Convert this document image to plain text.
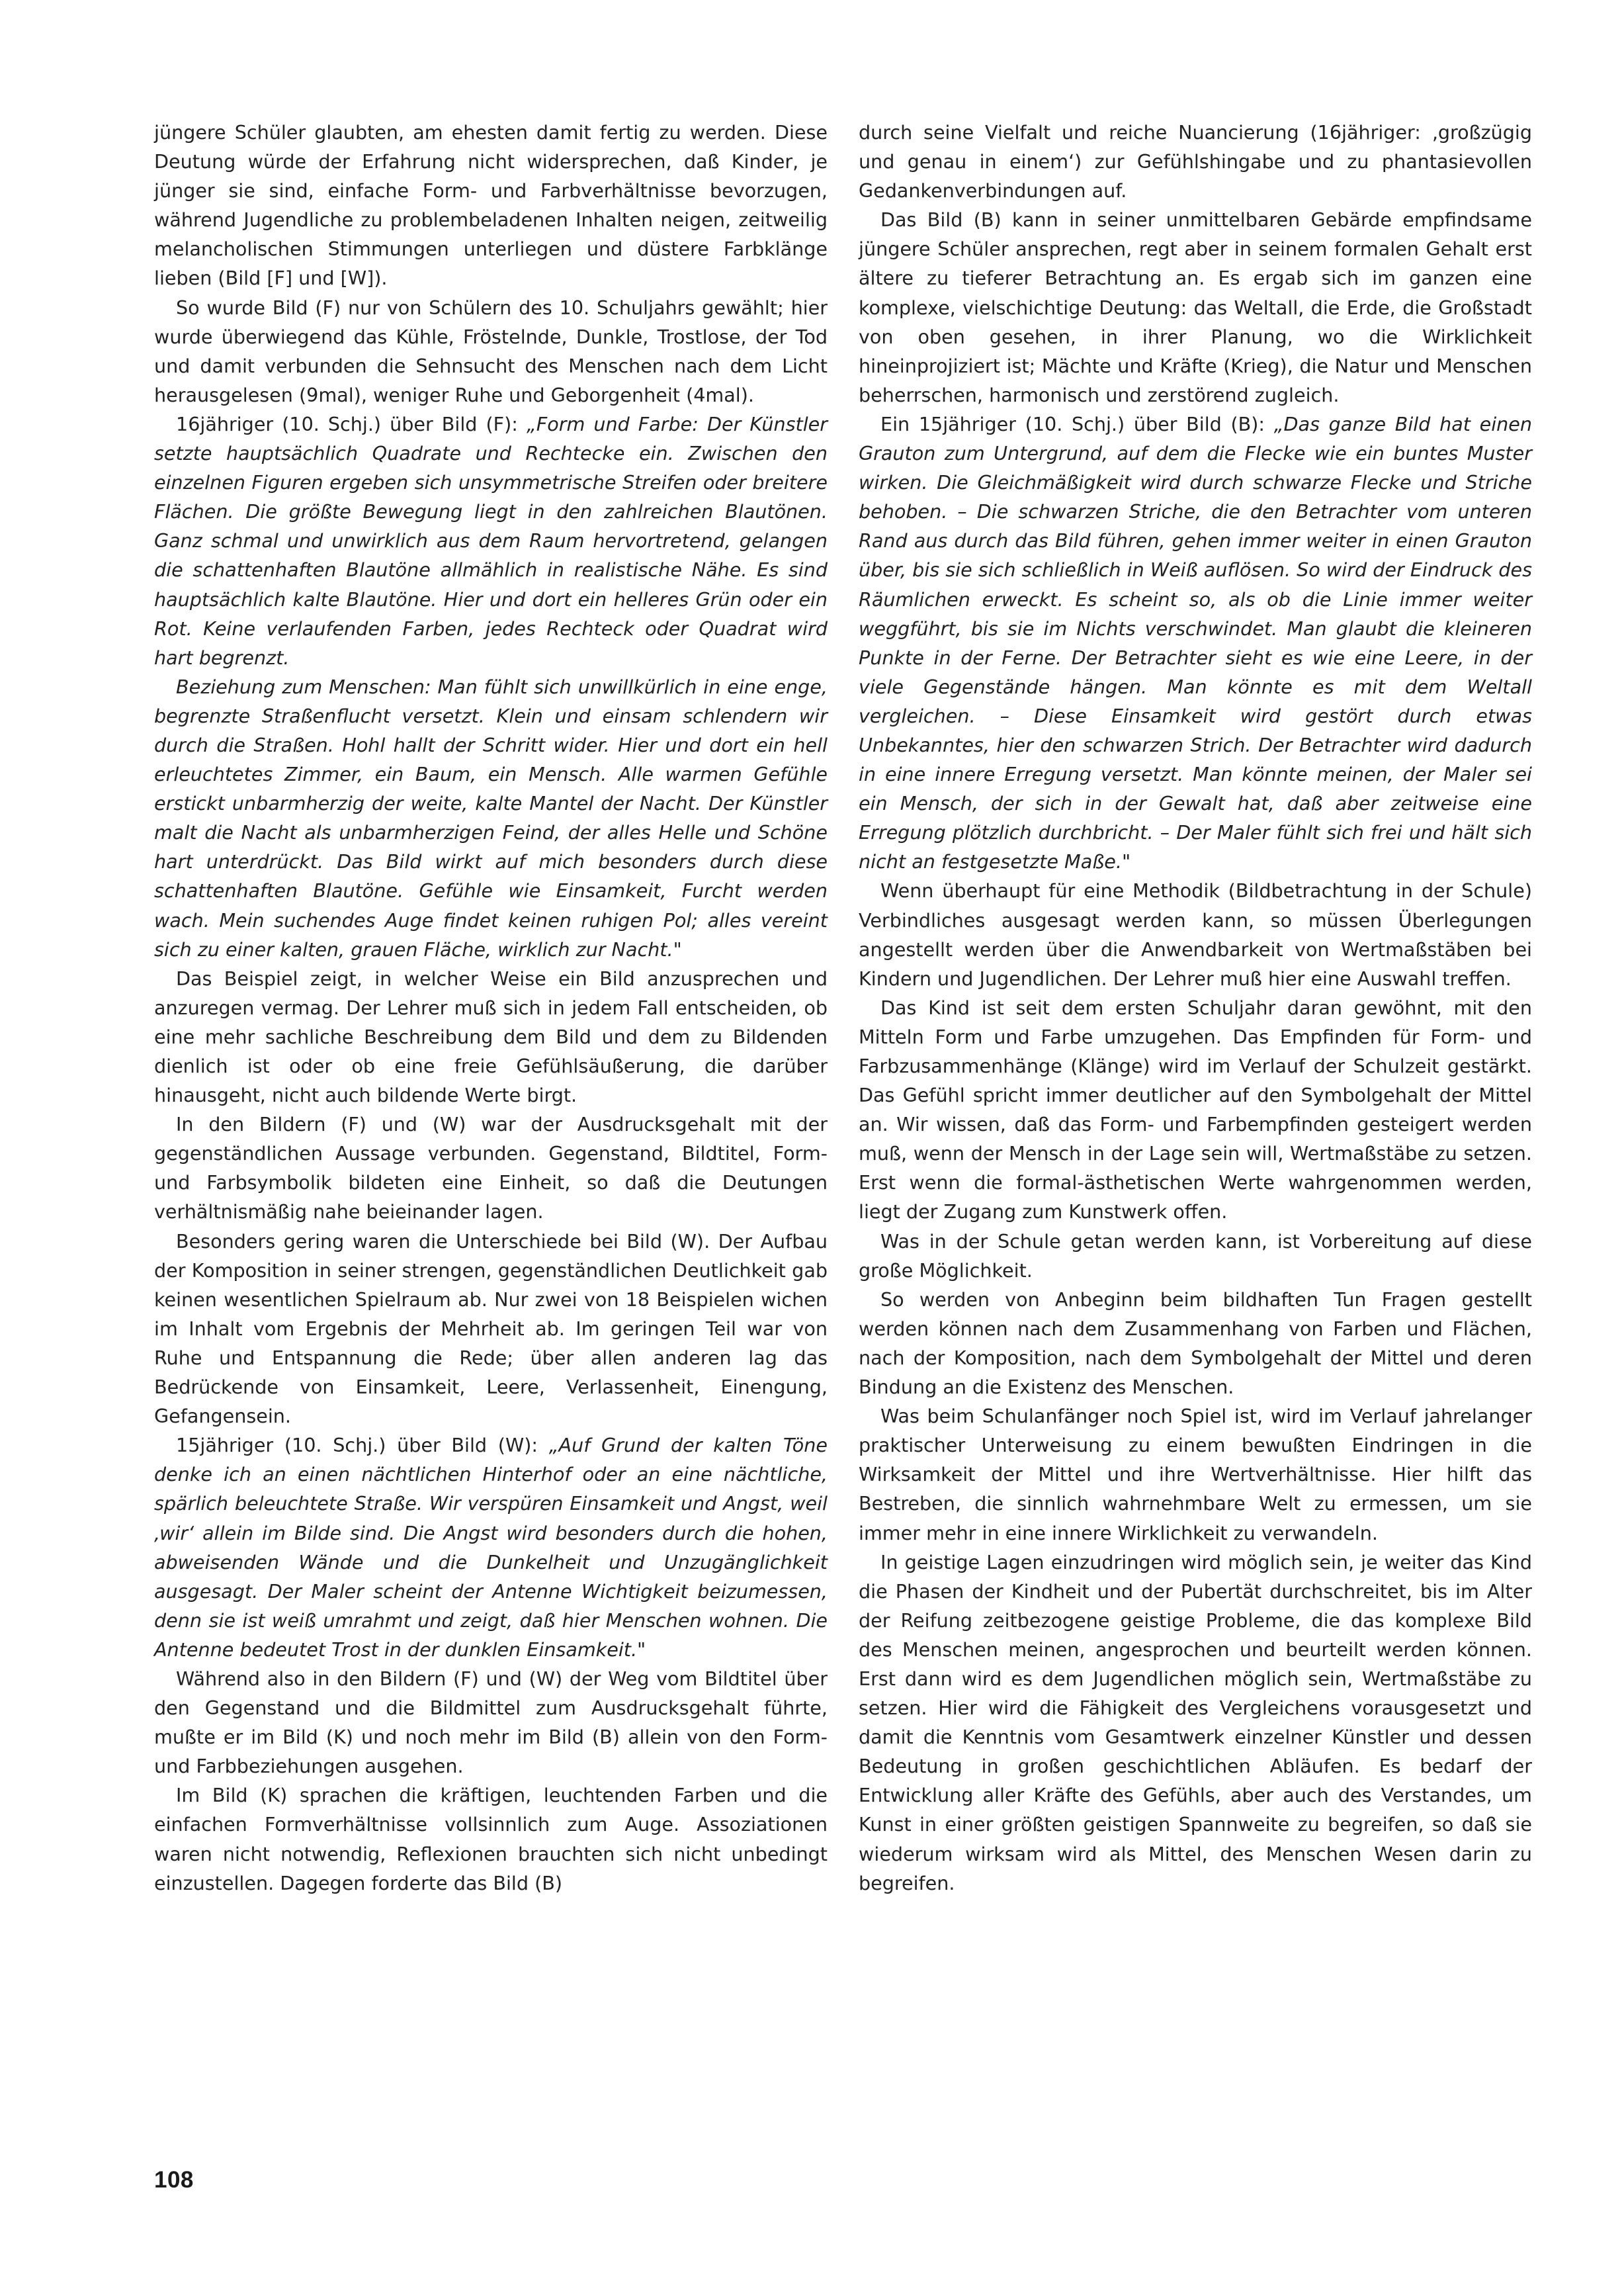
jüngere Schüler glaubten, am ehesten damit fertig zu werden. Diese Deutung würde der Erfahrung nicht widersprechen, daß Kinder, je jünger sie sind, einfache Form- und Farbverhältnisse bevorzugen, während Jugendliche zu problembeladenen Inhalten neigen, zeitweilig melancholischen Stimmungen unterliegen und düstere Farbklänge lieben (Bild [F] und [W]).

So wurde Bild (F) nur von Schülern des 10. Schuljahrs gewählt; hier wurde überwiegend das Kühle, Fröstelnde, Dunkle, Trostlose, der Tod und damit verbunden die Sehnsucht des Menschen nach dem Licht herausgelesen (9mal), weniger Ruhe und Geborgenheit (4mal).

16jähriger (10. Schj.) über Bild (F): „Form und Farbe: Der Künstler setzte hauptsächlich Quadrate und Rechtecke ein. Zwischen den einzelnen Figuren ergeben sich unsymmetrische Streifen oder breitere Flächen. Die größte Bewegung liegt in den zahlreichen Blautönen. Ganz schmal und unwirklich aus dem Raum hervortretend, gelangen die schattenhaften Blautöne allmählich in realistische Nähe. Es sind hauptsächlich kalte Blautöne. Hier und dort ein helleres Grün oder ein Rot. Keine verlaufenden Farben, jedes Rechteck oder Quadrat wird hart begrenzt.

Beziehung zum Menschen: Man fühlt sich unwillkürlich in eine enge, begrenzte Straßenflucht versetzt. Klein und einsam schlendern wir durch die Straßen. Hohl hallt der Schritt wider. Hier und dort ein hell erleuchtetes Zimmer, ein Baum, ein Mensch. Alle warmen Gefühle erstickt unbarmherzig der weite, kalte Mantel der Nacht. Der Künstler malt die Nacht als unbarmherzigen Feind, der alles Helle und Schöne hart unterdrückt. Das Bild wirkt auf mich besonders durch diese schattenhaften Blautöne. Gefühle wie Einsamkeit, Furcht werden wach. Mein suchendes Auge findet keinen ruhigen Pol; alles vereint sich zu einer kalten, grauen Fläche, wirklich zur Nacht."

Das Beispiel zeigt, in welcher Weise ein Bild anzusprechen und anzuregen vermag. Der Lehrer muß sich in jedem Fall entscheiden, ob eine mehr sachliche Beschreibung dem Bild und dem zu Bildenden dienlich ist oder ob eine freie Gefühlsäußerung, die darüber hinausgeht, nicht auch bildende Werte birgt.

In den Bildern (F) und (W) war der Ausdrucksgehalt mit der gegenständlichen Aussage verbunden. Gegenstand, Bildtitel, Form- und Farbsymbolik bildeten eine Einheit, so daß die Deutungen verhältnismäßig nahe beieinander lagen.

Besonders gering waren die Unterschiede bei Bild (W). Der Aufbau der Komposition in seiner strengen, gegenständlichen Deutlichkeit gab keinen wesentlichen Spielraum ab. Nur zwei von 18 Beispielen wichen im Inhalt vom Ergebnis der Mehrheit ab. Im geringen Teil war von Ruhe und Entspannung die Rede; über allen anderen lag das Bedrückende von Einsamkeit, Leere, Verlassenheit, Einengung, Gefangensein.

15jähriger (10. Schj.) über Bild (W): „Auf Grund der kalten Töne denke ich an einen nächtlichen Hinterhof oder an eine nächtliche, spärlich beleuchtete Straße. Wir verspüren Einsamkeit und Angst, weil ‚wir‘ allein im Bilde sind. Die Angst wird besonders durch die hohen, abweisenden Wände und die Dunkelheit und Unzugänglichkeit ausgesagt. Der Maler scheint der Antenne Wichtigkeit beizumessen, denn sie ist weiß umrahmt und zeigt, daß hier Menschen wohnen. Die Antenne bedeutet Trost in der dunklen Einsamkeit."

Während also in den Bildern (F) und (W) der Weg vom Bildtitel über den Gegenstand und die Bildmittel zum Ausdrucksgehalt führte, mußte er im Bild (K) und noch mehr im Bild (B) allein von den Form- und Farbbeziehungen ausgehen.

Im Bild (K) sprachen die kräftigen, leuchtenden Farben und die einfachen Formverhältnisse vollsinnlich zum Auge. Assoziationen waren nicht notwendig, Reflexionen brauchten sich nicht unbedingt einzustellen. Dagegen forderte das Bild (B)

durch seine Vielfalt und reiche Nuancierung (16jähriger: ‚großzügig und genau in einem‘) zur Gefühlshingabe und zu phantasievollen Gedankenverbindungen auf.

Das Bild (B) kann in seiner unmittelbaren Gebärde empfindsame jüngere Schüler ansprechen, regt aber in seinem formalen Gehalt erst ältere zu tieferer Betrachtung an. Es ergab sich im ganzen eine komplexe, vielschichtige Deutung: das Weltall, die Erde, die Großstadt von oben gesehen, in ihrer Planung, wo die Wirklichkeit hineinprojiziert ist; Mächte und Kräfte (Krieg), die Natur und Menschen beherrschen, harmonisch und zerstörend zugleich.

Ein 15jähriger (10. Schj.) über Bild (B): „Das ganze Bild hat einen Grauton zum Untergrund, auf dem die Flecke wie ein buntes Muster wirken. Die Gleichmäßigkeit wird durch schwarze Flecke und Striche behoben. – Die schwarzen Striche, die den Betrachter vom unteren Rand aus durch das Bild führen, gehen immer weiter in einen Grauton über, bis sie sich schließlich in Weiß auflösen. So wird der Eindruck des Räumlichen erweckt. Es scheint so, als ob die Linie immer weiter weggführt, bis sie im Nichts verschwindet. Man glaubt die kleineren Punkte in der Ferne. Der Betrachter sieht es wie eine Leere, in der viele Gegenstände hängen. Man könnte es mit dem Weltall vergleichen. – Diese Einsamkeit wird gestört durch etwas Unbekanntes, hier den schwarzen Strich. Der Betrachter wird dadurch in eine innere Erregung versetzt. Man könnte meinen, der Maler sei ein Mensch, der sich in der Gewalt hat, daß aber zeitweise eine Erregung plötzlich durchbricht. – Der Maler fühlt sich frei und hält sich nicht an festgesetzte Maße."

Wenn überhaupt für eine Methodik (Bildbetrachtung in der Schule) Verbindliches ausgesagt werden kann, so müssen Überlegungen angestellt werden über die Anwendbarkeit von Wertmaßstäben bei Kindern und Jugendlichen. Der Lehrer muß hier eine Auswahl treffen.

Das Kind ist seit dem ersten Schuljahr daran gewöhnt, mit den Mitteln Form und Farbe umzugehen. Das Empfinden für Form- und Farbzusammenhänge (Klänge) wird im Verlauf der Schulzeit gestärkt. Das Gefühl spricht immer deutlicher auf den Symbolgehalt der Mittel an. Wir wissen, daß das Form- und Farbempfinden gesteigert werden muß, wenn der Mensch in der Lage sein will, Wertmaßstäbe zu setzen. Erst wenn die formal-ästhetischen Werte wahrgenommen werden, liegt der Zugang zum Kunstwerk offen.

Was in der Schule getan werden kann, ist Vorbereitung auf diese große Möglichkeit.

So werden von Anbeginn beim bildhaften Tun Fragen gestellt werden können nach dem Zusammenhang von Farben und Flächen, nach der Komposition, nach dem Symbolgehalt der Mittel und deren Bindung an die Existenz des Menschen.

Was beim Schulanfänger noch Spiel ist, wird im Verlauf jahrelanger praktischer Unterweisung zu einem bewußten Eindringen in die Wirksamkeit der Mittel und ihre Wertverhältnisse. Hier hilft das Bestreben, die sinnlich wahrnehmbare Welt zu ermessen, um sie immer mehr in eine innere Wirklichkeit zu verwandeln.

In geistige Lagen einzudringen wird möglich sein, je weiter das Kind die Phasen der Kindheit und der Pubertät durchschreitet, bis im Alter der Reifung zeitbezogene geistige Probleme, die das komplexe Bild des Menschen meinen, angesprochen und beurteilt werden können. Erst dann wird es dem Jugendlichen möglich sein, Wertmaßstäbe zu setzen. Hier wird die Fähigkeit des Vergleichens vorausgesetzt und damit die Kenntnis vom Gesamtwerk einzelner Künstler und dessen Bedeutung in großen geschichtlichen Abläufen. Es bedarf der Entwicklung aller Kräfte des Gefühls, aber auch des Verstandes, um Kunst in einer größten geistigen Spannweite zu begreifen, so daß sie wiederum wirksam wird als Mittel, des Menschen Wesen darin zu begreifen.

108
